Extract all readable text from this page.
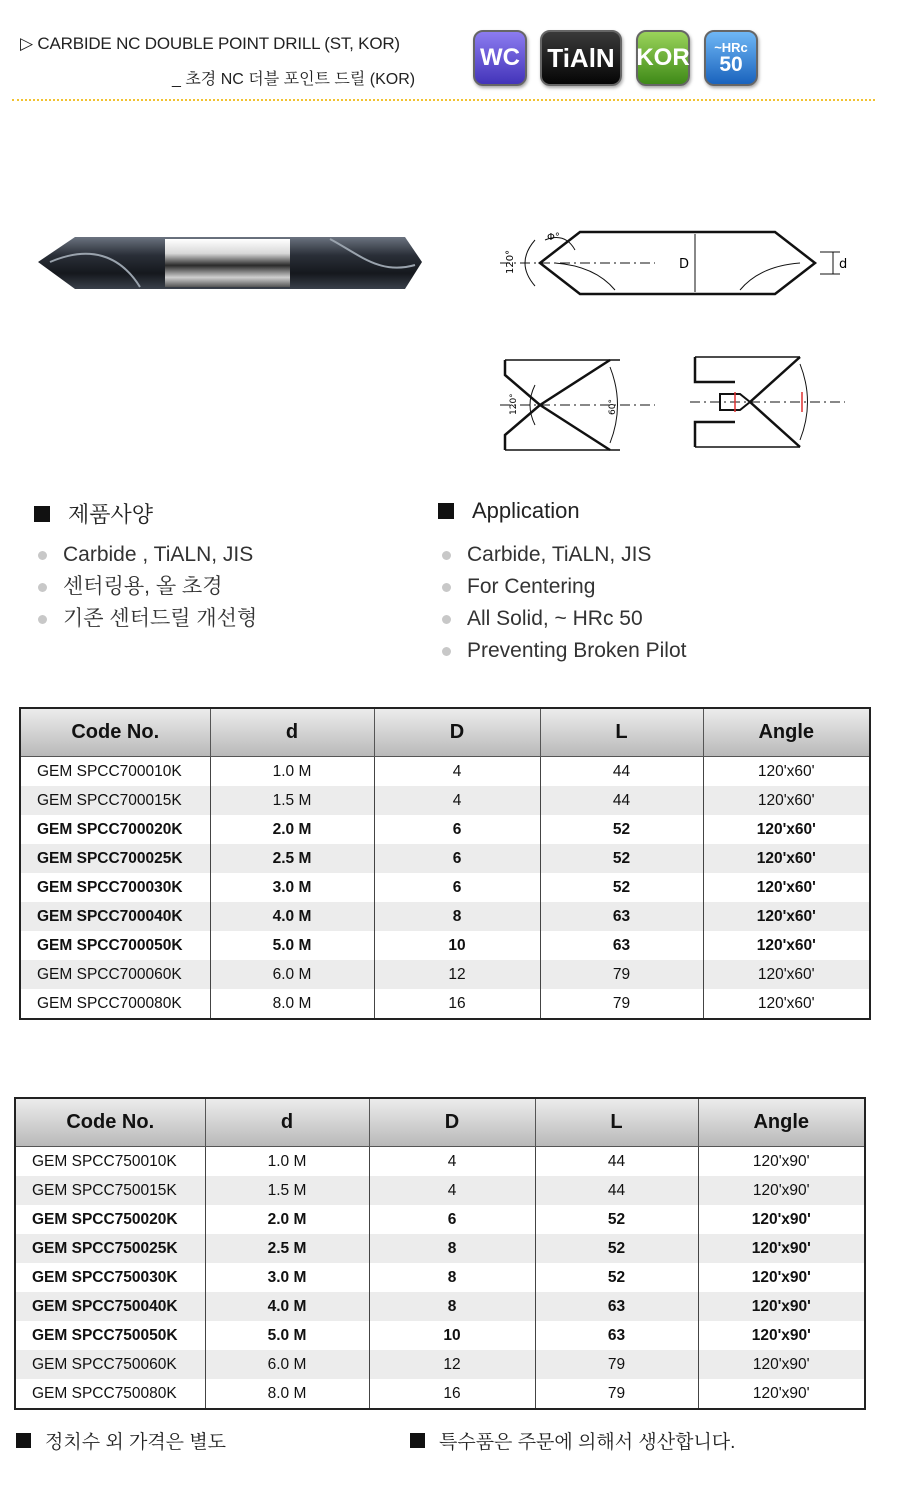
▷ CARBIDE NC DOUBLE POINT DRILL (ST, KOR)
_ 초경 NC 더블 포인트 드릴 (KOR)
WC TiAlN KOR ~HRc
50
D
120°
Φ°
d
120°	60°
제품사양
Carbide , TiALN, JIS
센터링용, 올 초경
기존 센터드릴 개선형
Application
Carbide, TiALN, JIS
For Centering
All Solid, ~ HRc 50
Preventing Broken Pilot
Code No.	d	D	L	Angle
GEM SPCC700010K	1.0 M	4	44	120'x60'
GEM SPCC700015K	1.5 M	4	44	120'x60'
GEM SPCC700020K	2.0 M	6	52	120'x60'
GEM SPCC700025K	2.5 M	6	52	120'x60'
GEM SPCC700030K	3.0 M	6	52	120'x60'
GEM SPCC700040K	4.0 M	8	63	120'x60'
GEM SPCC700050K	5.0 M	10	63	120'x60'
GEM SPCC700060K	6.0 M	12	79	120'x60'
GEM SPCC700080K	8.0 M	16	79	120'x60'
Code No.	d	D	L	Angle
GEM SPCC750010K	1.0 M	4	44	120'x90'
GEM SPCC750015K	1.5 M	4	44	120'x90'
GEM SPCC750020K	2.0 M	6	52	120'x90'
GEM SPCC750025K	2.5 M	8	52	120'x90'
GEM SPCC750030K	3.0 M	8	52	120'x90'
GEM SPCC750040K	4.0 M	8	63	120'x90'
GEM SPCC750050K	5.0 M	10	63	120'x90'
GEM SPCC750060K	6.0 M	12	79	120'x90'
GEM SPCC750080K	8.0 M	16	79	120'x90'
정치수 외 가격은 별도	특수품은 주문에 의해서 생산합니다.
